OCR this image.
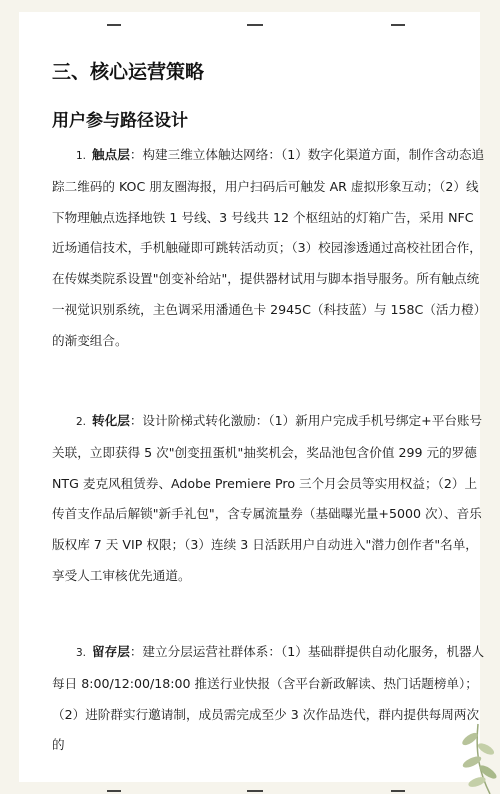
三、核心运营策略
用户参与路径设计
1. 触点层：构建三维立体触达网络：（1）数字化渠道方面，制作含动态追踪二维码的 KOC 朋友圈海报，用户扫码后可触发 AR 虚拟形象互动；（2）线下物理触点选择地铁 1 号线、3 号线共 12 个枢纽站的灯箱广告，采用 NFC 近场通信技术，手机触碰即可跳转活动页；（3）校园渗透通过高校社团合作，在传媒类院系设置"创变补给站"，提供器材试用与脚本指导服务。所有触点统一视觉识别系统，主色调采用潘通色卡 2945C（科技蓝）与 158C（活力橙）的渐变组合。
2. 转化层：设计阶梯式转化激励：（1）新用户完成手机号绑定+平台账号关联，立即获得 5 次"创变扭蛋机"抽奖机会，奖品池包含价值 299 元的罗德 NTG 麦克风租赁券、Adobe Premiere Pro 三个月会员等实用权益；（2）上传首支作品后解锁"新手礼包"，含专属流量券（基础曝光量+5000 次）、音乐版权库 7 天 VIP 权限；（3）连续 3 日活跃用户自动进入"潜力创作者"名单，享受人工审核优先通道。
3. 留存层：建立分层运营社群体系：（1）基础群提供自动化服务，机器人每日 8:00/12:00/18:00 推送行业快报（含平台新政解读、热门话题榜单）；（2）进阶群实行邀请制，成员需完成至少 3 次作品迭代，群内提供每周两次的
